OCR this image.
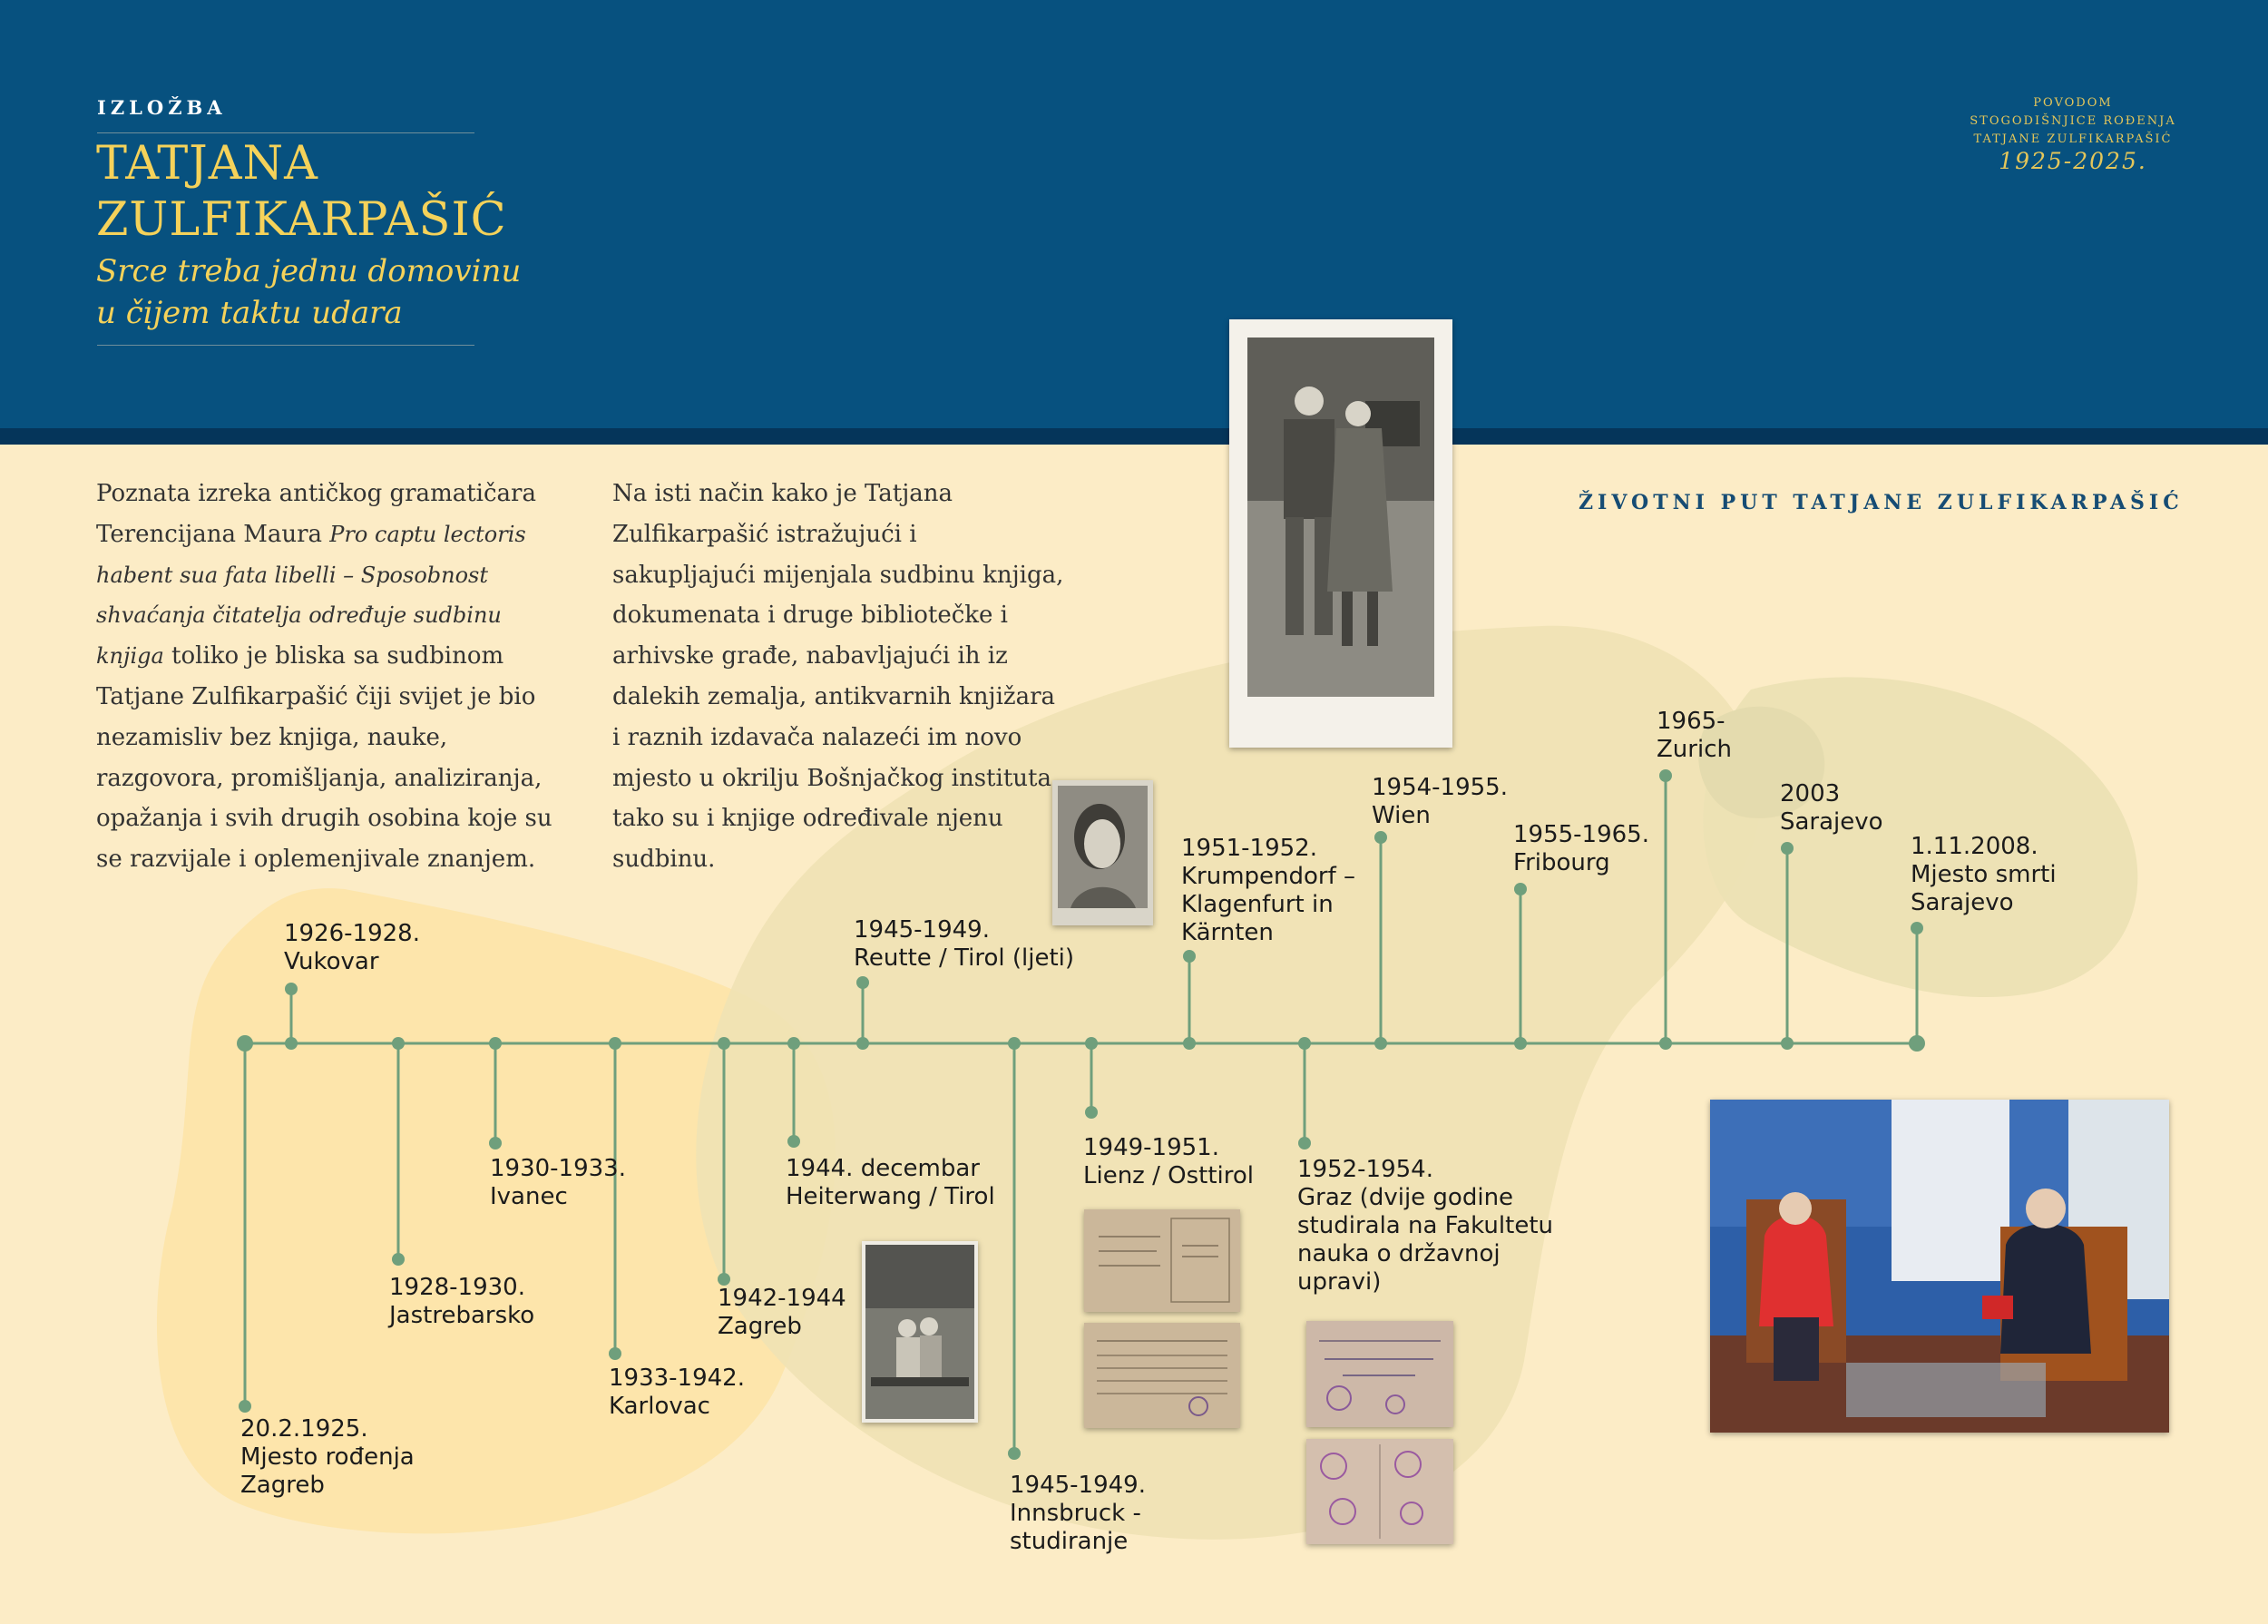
IZLOŽBA
TATJANA
ZULFIKARPAŠIĆ
Srce treba jednu domovinu
u čijem taktu udara
POVODOM
STOGODIŠNJICE ROĐENJA
TATJANE ZULFIKARPAŠIĆ
1925-2025.
Poznata izreka antičkog gramatičara Terencijana Maura Pro captu lectoris habent sua fata libelli – Sposobnost shvaćanja čitatelja određuje sudbinu knjiga toliko je bliska sa sudbinom Tatjane Zulfikarpašić čiji svijet je bio nezamisliv bez knjiga, nauke, razgovora, promišljanja, analiziranja, opažanja i svih drugih osobina koje su se razvijale i oplemenjivale znanjem.
Na isti način kako je Tatjana Zulfikarpašić istražujući i sakupljajući mijenjala sudbinu knjiga, dokumenata i druge bibliotečke i arhivske građe, nabavljajući ih iz dalekih zemalja, antikvarnih knjižara i raznih izdavača nalazeći im novo mjesto u okrilju Bošnjačkog instituta tako su i knjige određivale njenu sudbinu.
ŽIVOTNI PUT TATJANE ZULFIKARPAŠIĆ
20.2.1925.
Mjesto rođenja
Zagreb
1926-1928.
Vukovar
1928-1930.
Jastrebarsko
1930-1933.
Ivanec
1933-1942.
Karlovac
1942-1944
Zagreb
1944. decembar
Heiterwang / Tirol
1945-1949.
Reutte / Tirol (ljeti)
1945-1949.
Innsbruck -
studiranje
1949-1951.
Lienz / Osttirol
1951-1952.
Krumpendorf –
Klagenfurt in
Kärnten
1952-1954.
Graz (dvije godine
studirala na Fakultetu
nauka o državnoj
upravi)
1954-1955.
Wien
1955-1965.
Fribourg
1965-
Zurich
2003
Sarajevo
1.11.2008.
Mjesto smrti
Sarajevo
